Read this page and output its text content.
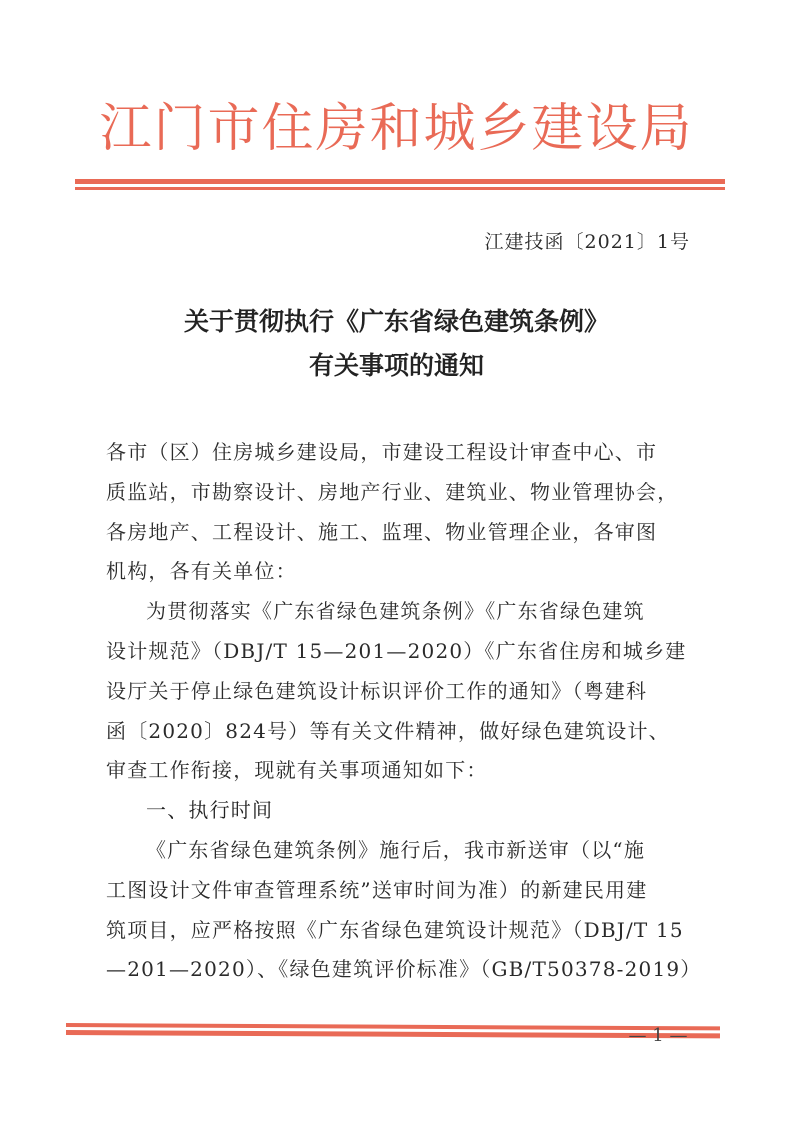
江门市住房和城乡建设局
江建技函〔2021〕1号
关于贯彻执行《广东省绿色建筑条例》
有关事项的通知
各市（区）住房城乡建设局，市建设工程设计审查中心、市
质监站，市勘察设计、房地产行业、建筑业、物业管理协会，
各房地产、工程设计、施工、监理、物业管理企业，各审图
机构，各有关单位：
为贯彻落实《广东省绿色建筑条例》《广东省绿色建筑
设计规范》（DBJ/T 15—201—2020）《广东省住房和城乡建
设厅关于停止绿色建筑设计标识评价工作的通知》（粤建科
函〔2020〕824号）等有关文件精神，做好绿色建筑设计、
审查工作衔接，现就有关事项通知如下：
一、执行时间
《广东省绿色建筑条例》施行后，我市新送审（以“施
工图设计文件审查管理系统”送审时间为准）的新建民用建
筑项目，应严格按照《广东省绿色建筑设计规范》（DBJ/T 15
—201—2020）、《绿色建筑评价标准》（GB/T50378-2019）
— 1 —
